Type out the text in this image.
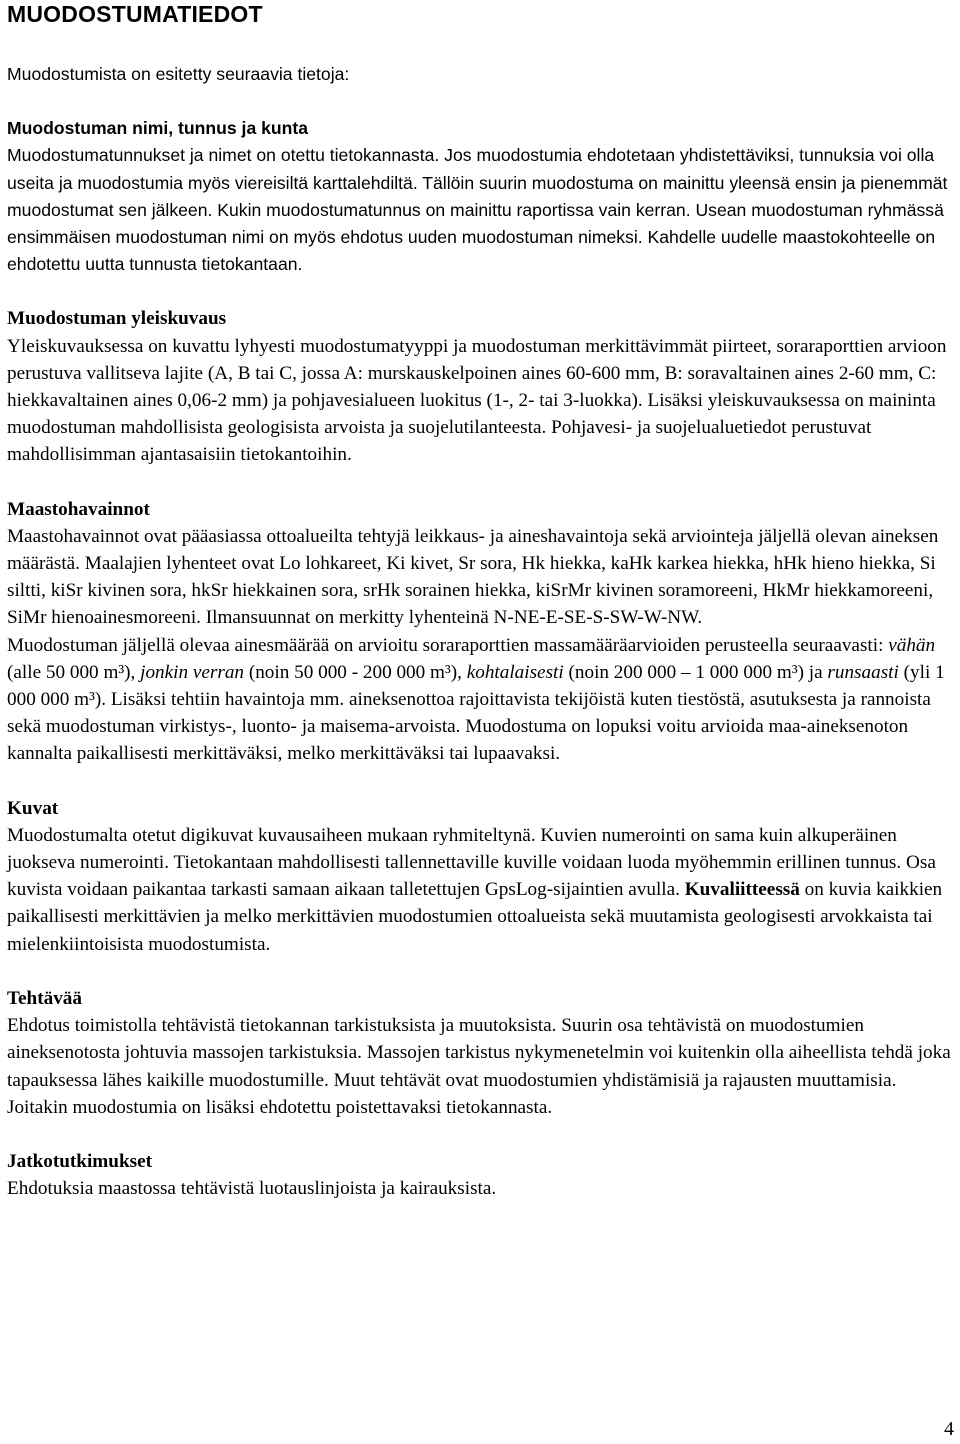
MUODOSTUMATIEDOT

Muodostumista on esitetty seuraavia tietoja:

Muodostuman nimi, tunnus ja kunta

Muodostumatunnukset ja nimet on otettu tietokannasta. Jos muodostumia ehdotetaan yhdistettäviksi, tunnuksia voi olla useita ja muodostumia myös viereisiltä karttalehdiltä. Tällöin suurin muodostuma on mainittu yleensä ensin ja pienemmät muodostumat sen jälkeen. Kukin muodostumatunnus on mainittu raportissa vain kerran. Usean muodostuman ryhmässä ensimmäisen muodostuman nimi on myös ehdotus uuden muodostuman nimeksi. Kahdelle uudelle maastokohteelle on ehdotettu uutta tunnusta tietokantaan.

Muodostuman yleiskuvaus

Yleiskuvauksessa on kuvattu lyhyesti muodostumatyyppi ja muodostuman merkittävimmät piirteet, soraraporttien arvioon perustuva vallitseva lajite (A, B tai C, jossa A: murskauskelpoinen aines 60-600 mm, B: soravaltainen aines 2-60 mm, C: hiekkavaltainen aines 0,06-2 mm) ja pohjavesialueen luokitus (1-, 2- tai 3-luokka). Lisäksi yleiskuvauksessa on maininta muodostuman mahdollisista geologisista arvoista ja suojelutilanteesta. Pohjavesi- ja suojelualuetiedot perustuvat mahdollisimman ajantasaisiin tietokantoihin.

Maastohavainnot

Maastohavainnot ovat pääasiassa ottoalueilta tehtyjä leikkaus- ja aineshavaintoja sekä arviointeja jäljellä olevan aineksen määrästä. Maalajien lyhenteet ovat Lo lohkareet, Ki kivet, Sr sora, Hk hiekka, kaHk karkea hiekka, hHk hieno hiekka, Si siltti, kiSr kivinen sora, hkSr hiekkainen sora, srHk sorainen hiekka, kiSrMr kivinen soramoreeni, HkMr hiekkamoreeni, SiMr hienoainesmoreeni. Ilmansuunnat on merkitty lyhenteinä N-NE-E-SE-S-SW-W-NW.

Muodostuman jäljellä olevaa ainesmäärää on arvioitu soraraporttien massamääräarvioiden perusteella seuraavasti: vähän (alle 50 000 m³), jonkin verran (noin 50 000 - 200 000 m³), kohtalaisesti (noin 200 000 – 1 000 000 m³) ja runsaasti (yli 1 000 000 m³). Lisäksi tehtiin havaintoja mm. aineksenottoa rajoittavista tekijöistä kuten tiestöstä, asutuksesta ja rannoista sekä muodostuman virkistys-, luonto- ja maisema-arvoista. Muodostuma on lopuksi voitu arvioida maa-aineksenoton kannalta paikallisesti merkittäväksi, melko merkittäväksi tai lupaavaksi.

Kuvat

Muodostumalta otetut digikuvat kuvausaiheen mukaan ryhmiteltynä. Kuvien numerointi on sama kuin alkuperäinen juokseva numerointi. Tietokantaan mahdollisesti tallennettaville kuville voidaan luoda myöhemmin erillinen tunnus. Osa kuvista voidaan paikantaa tarkasti samaan aikaan talletettujen GpsLog-sijaintien avulla. Kuvaliitteessä on kuvia kaikkien paikallisesti merkittävien ja melko merkittävien muodostumien ottoalueista sekä muutamista geologisesti arvokkaista tai mielenkiintoisista muodostumista.

Tehtävää

Ehdotus toimistolla tehtävistä tietokannan tarkistuksista ja muutoksista. Suurin osa tehtävistä on muodostumien aineksenotosta johtuvia massojen tarkistuksia. Massojen tarkistus nykymenetelmin voi kuitenkin olla aiheellista tehdä joka tapauksessa lähes kaikille muodostumille. Muut tehtävät ovat muodostumien yhdistämisiä ja rajausten muuttamisia. Joitakin muodostumia on lisäksi ehdotettu poistettavaksi tietokannasta.

Jatkotutkimukset

Ehdotuksia maastossa tehtävistä luotauslinjoista ja kairauksista.

4
